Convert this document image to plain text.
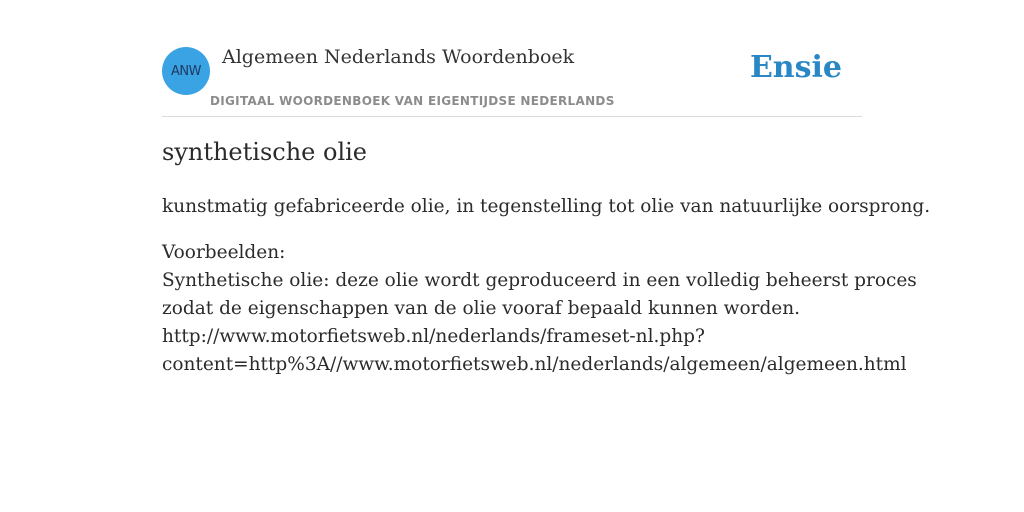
ANW
Algemeen Nederlands Woordenboek
DIGITAAL WOORDENBOEK VAN EIGENTIJDSE NEDERLANDS
Ensie
synthetische olie

kunstmatig gefabriceerde olie, in tegenstelling tot olie van natuurlijke oorsprong.

Voorbeelden:
Synthetische olie: deze olie wordt geproduceerd in een volledig beheerst proces
zodat de eigenschappen van de olie vooraf bepaald kunnen worden.
http://www.motorfietsweb.nl/nederlands/frameset-nl.php?
content=http%3A//www.motorfietsweb.nl/nederlands/algemeen/algemeen.html
